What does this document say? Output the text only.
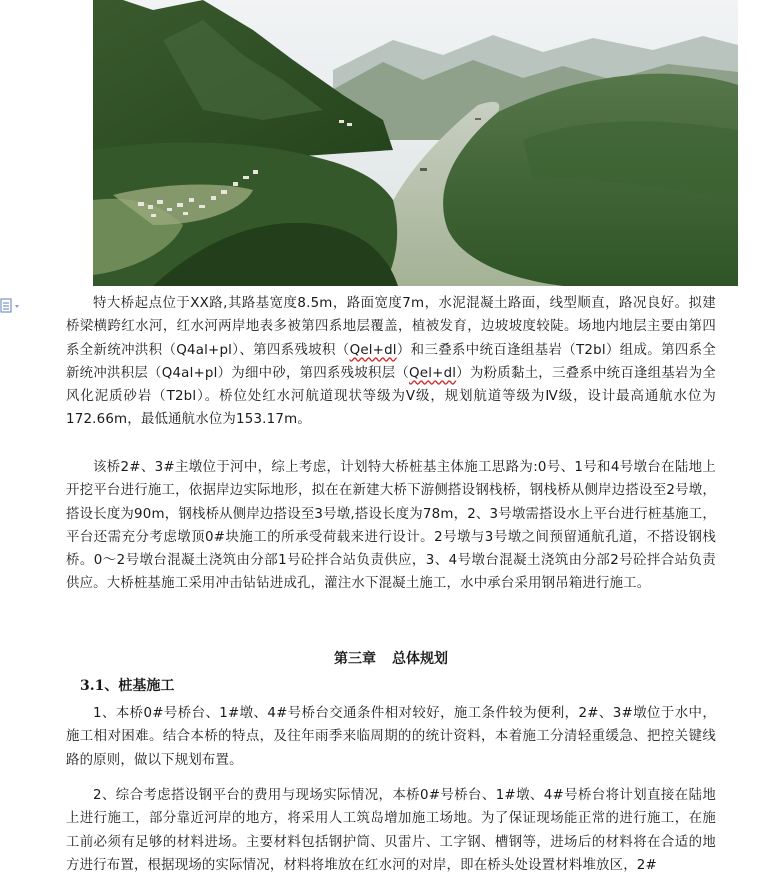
特大桥起点位于XX路,其路基宽度8.5m，路面宽度7m，水泥混凝土路面，线型顺直，路况良好。拟建桥梁横跨红水河，红水河两岸地表多被第四系地层覆盖，植被发育，边坡坡度较陡。场地内地层主要由第四系全新统冲洪积（Q4al+pl）、第四系残坡积（Qel+dl）和三叠系中统百逢组基岩（T2bl）组成。第四系全新统冲洪积层（Q4al+pl）为细中砂，第四系残坡积层（Qel+dl）为粉质黏土，三叠系中统百逢组基岩为全风化泥质砂岩（T2bl）。桥位处红水河航道现状等级为Ⅴ级，规划航道等级为Ⅳ级，设计最高通航水位为172.66m，最低通航水位为153.17m。

该桥2#、3#主墩位于河中，综上考虑，计划特大桥桩基主体施工思路为:0号、1号和4号墩台在陆地上开挖平台进行施工，依据岸边实际地形，拟在在新建大桥下游侧搭设钢栈桥，钢栈桥从侧岸边搭设至2号墩，搭设长度为90m，钢栈桥从侧岸边搭设至3号墩,搭设长度为78m，2、3号墩需搭设水上平台进行桩基施工，平台还需充分考虑墩顶0#块施工的所承受荷载来进行设计。2号墩与3号墩之间预留通航孔道，不搭设钢栈桥。0～2号墩台混凝土浇筑由分部1号砼拌合站负责供应，3、4号墩台混凝土浇筑由分部2号砼拌合站负责供应。大桥桩基施工采用冲击钻钻进成孔，灌注水下混凝土施工，水中承台采用钢吊箱进行施工。

第三章 总体规划
3.1、桩基施工

1、本桥0#号桥台、1#墩、4#号桥台交通条件相对较好，施工条件较为便利，2#、3#墩位于水中，施工相对困难。结合本桥的特点，及往年雨季来临周期的的统计资料，本着施工分清轻重缓急、把控关键线路的原则，做以下规划布置。

2、综合考虑搭设钢平台的费用与现场实际情况，本桥0#号桥台、1#墩、4#号桥台将计划直接在陆地上进行施工，部分靠近河岸的地方，将采用人工筑岛增加施工场地。为了保证现场能正常的进行施工，在施工前必须有足够的材料进场。主要材料包括钢护筒、贝雷片、工字钢、槽钢等，进场后的材料将在合适的地方进行布置，根据现场的实际情况，材料将堆放在红水河的对岸，即在桥头处设置材料堆放区，2#
